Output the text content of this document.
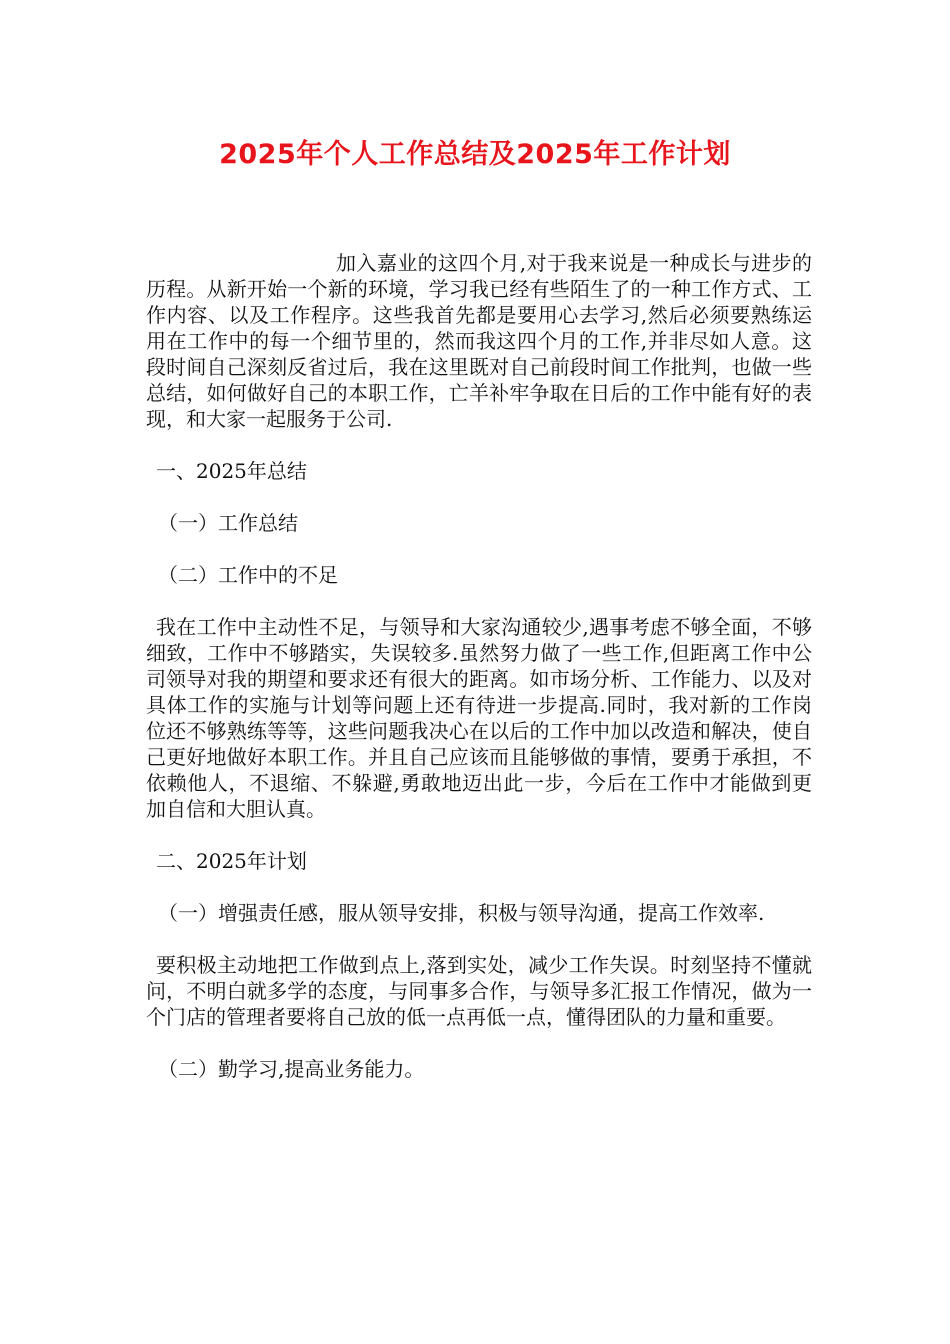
2025年个人工作总结及2025年工作计划

加入嘉业的这四个月,对于我来说是一种成长与进步的历程。从新开始一个新的环境，学习我已经有些陌生了的一种工作方式、工作内容、以及工作程序。这些我首先都是要用心去学习,然后必须要熟练运用在工作中的每一个细节里的，然而我这四个月的工作,并非尽如人意。这段时间自己深刻反省过后，我在这里既对自己前段时间工作批判，也做一些总结，如何做好自己的本职工作，亡羊补牢争取在日后的工作中能有好的表现，和大家一起服务于公司.

一、2025年总结

（一）工作总结

（二）工作中的不足

我在工作中主动性不足，与领导和大家沟通较少,遇事考虑不够全面，不够细致，工作中不够踏实，失误较多.虽然努力做了一些工作,但距离工作中公司领导对我的期望和要求还有很大的距离。如市场分析、工作能力、以及对具体工作的实施与计划等问题上还有待进一步提高.同时，我对新的工作岗位还不够熟练等等，这些问题我决心在以后的工作中加以改造和解决，使自己更好地做好本职工作。并且自己应该而且能够做的事情，要勇于承担，不依赖他人，不退缩、不躲避,勇敢地迈出此一步，今后在工作中才能做到更加自信和大胆认真。

二、2025年计划

（一）增强责任感，服从领导安排，积极与领导沟通，提高工作效率.

要积极主动地把工作做到点上,落到实处，减少工作失误。时刻坚持不懂就问，不明白就多学的态度，与同事多合作，与领导多汇报工作情况，做为一个门店的管理者要将自己放的低一点再低一点，懂得团队的力量和重要。

（二）勤学习,提高业务能力。
